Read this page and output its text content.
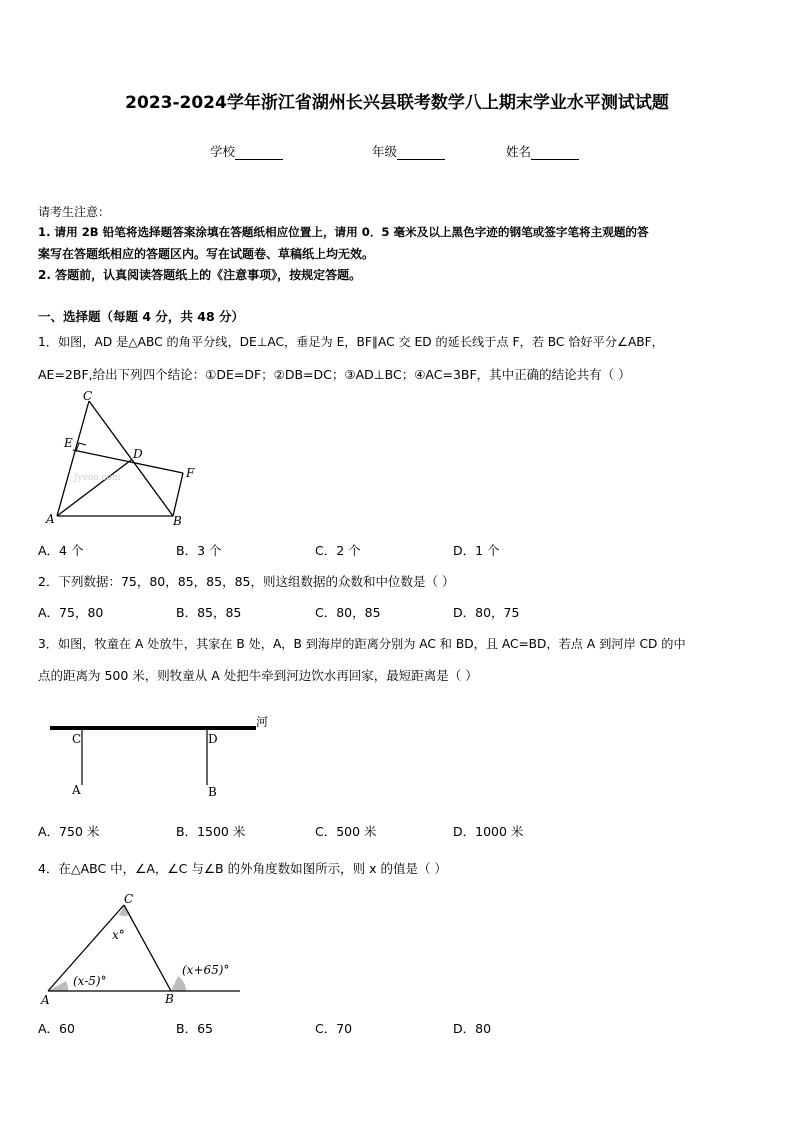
2023-2024学年浙江省湖州长兴县联考数学八上期末学业水平测试试题
学校	年级	姓名
请考生注意：
1. 请用 2B 铅笔将选择题答案涂填在答题纸相应位置上，请用 0．5 毫米及以上黑色字迹的钢笔或签字笔将主观题的答
案写在答题纸相应的答题区内。写在试题卷、草稿纸上均无效。
2. 答题前，认真阅读答题纸上的《注意事项》，按规定答题。
一、选择题（每题 4 分，共 48 分）
1．如图，AD 是△ABC 的角平分线，DE⊥AC，垂足为 E，BF∥AC 交 ED 的延长线于点 F，若 BC 恰好平分∠ABF，
AE=2BF,给出下列四个结论：①DE=DF；②DB=DC；③AD⊥BC；④AC=3BF，其中正确的结论共有（ ）
Jyeoo.com
A	B
C
D
E
F
A．4 个	B．3 个	C．2 个	D．1 个
2．下列数据：75，80，85，85，85，则这组数据的众数和中位数是（ ）
A．75，80	B．85，85	C．80，85	D．80，75
3．如图，牧童在 A 处放牛，其家在 B 处，A，B 到海岸的距离分别为 AC 和 BD，且 AC=BD，若点 A 到河岸 CD 的中
点的距离为 500 米，则牧童从 A 处把牛牵到河边饮水再回家，最短距离是（ ）
河
C	D
A	B
A．750 米	B．1500 米	C．500 米	D．1000 米
4．在△ABC 中，∠A，∠C 与∠B 的外角度数如图所示，则 x 的值是（ ）
A	B
C
x°
(x-5)°
(x+65)°
A．60	B．65	C．70	D．80
